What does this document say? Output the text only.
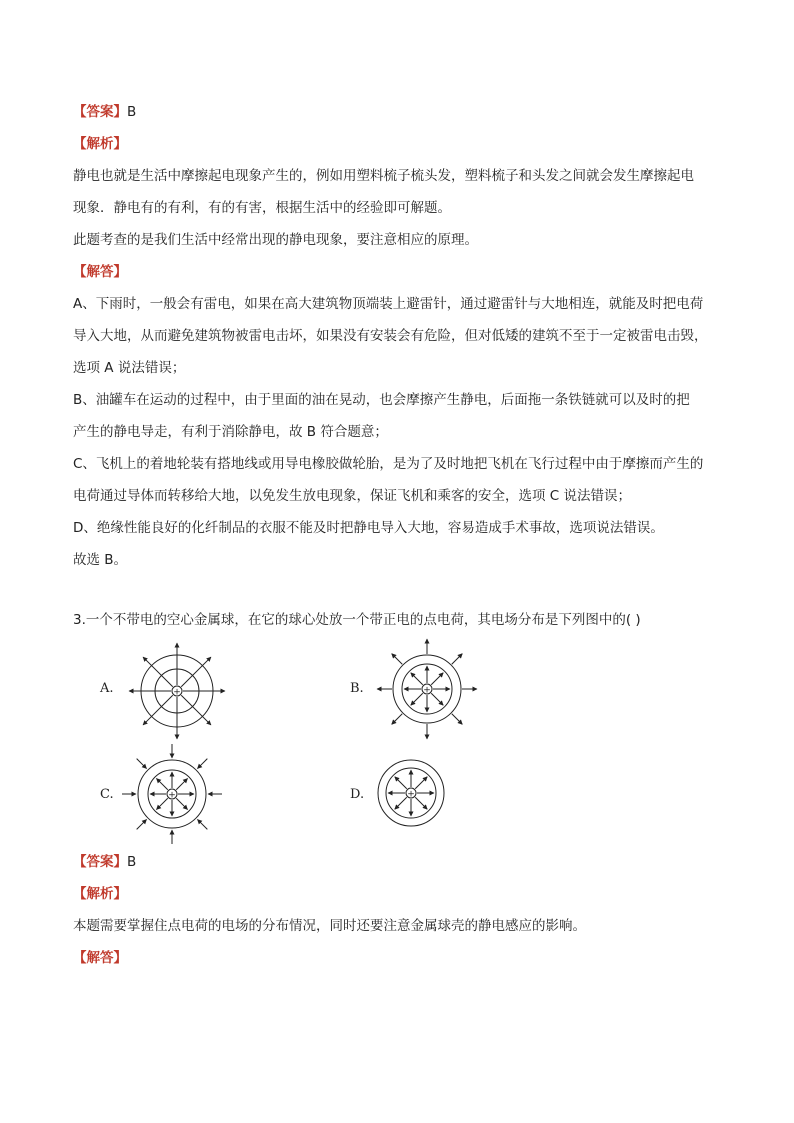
【答案】B
【解析】
静电也就是生活中摩擦起电现象产生的，例如用塑料梳子梳头发，塑料梳子和头发之间就会发生摩擦起电
现象．静电有的有利，有的有害，根据生活中的经验即可解题。
此题考查的是我们生活中经常出现的静电现象，要注意相应的原理。
【解答】
A、下雨时，一般会有雷电，如果在高大建筑物顶端装上避雷针，通过避雷针与大地相连，就能及时把电荷
导入大地，从而避免建筑物被雷电击坏，如果没有安装会有危险，但对低矮的建筑不至于一定被雷电击毁，
选项 A 说法错误；
B、油罐车在运动的过程中，由于里面的油在晃动，也会摩擦产生静电，后面拖一条铁链就可以及时的把
产生的静电导走，有利于消除静电，故 B 符合题意；
C、飞机上的着地轮装有搭地线或用导电橡胶做轮胎，是为了及时地把飞机在飞行过程中由于摩擦而产生的
电荷通过导体而转移给大地，以免发生放电现象，保证飞机和乘客的安全，选项 C 说法错误；
D、绝缘性能良好的化纤制品的衣服不能及时把静电导入大地，容易造成手术事故，选项说法错误。
故选 B。
3.一个不带电的空心金属球，在它的球心处放一个带正电的点电荷，其电场分布是下列图中的( )
A.	B.
C.	D.
+	+
+	+
【答案】B
【解析】
本题需要掌握住点电荷的电场的分布情况，同时还要注意金属球壳的静电感应的影响。
【解答】
